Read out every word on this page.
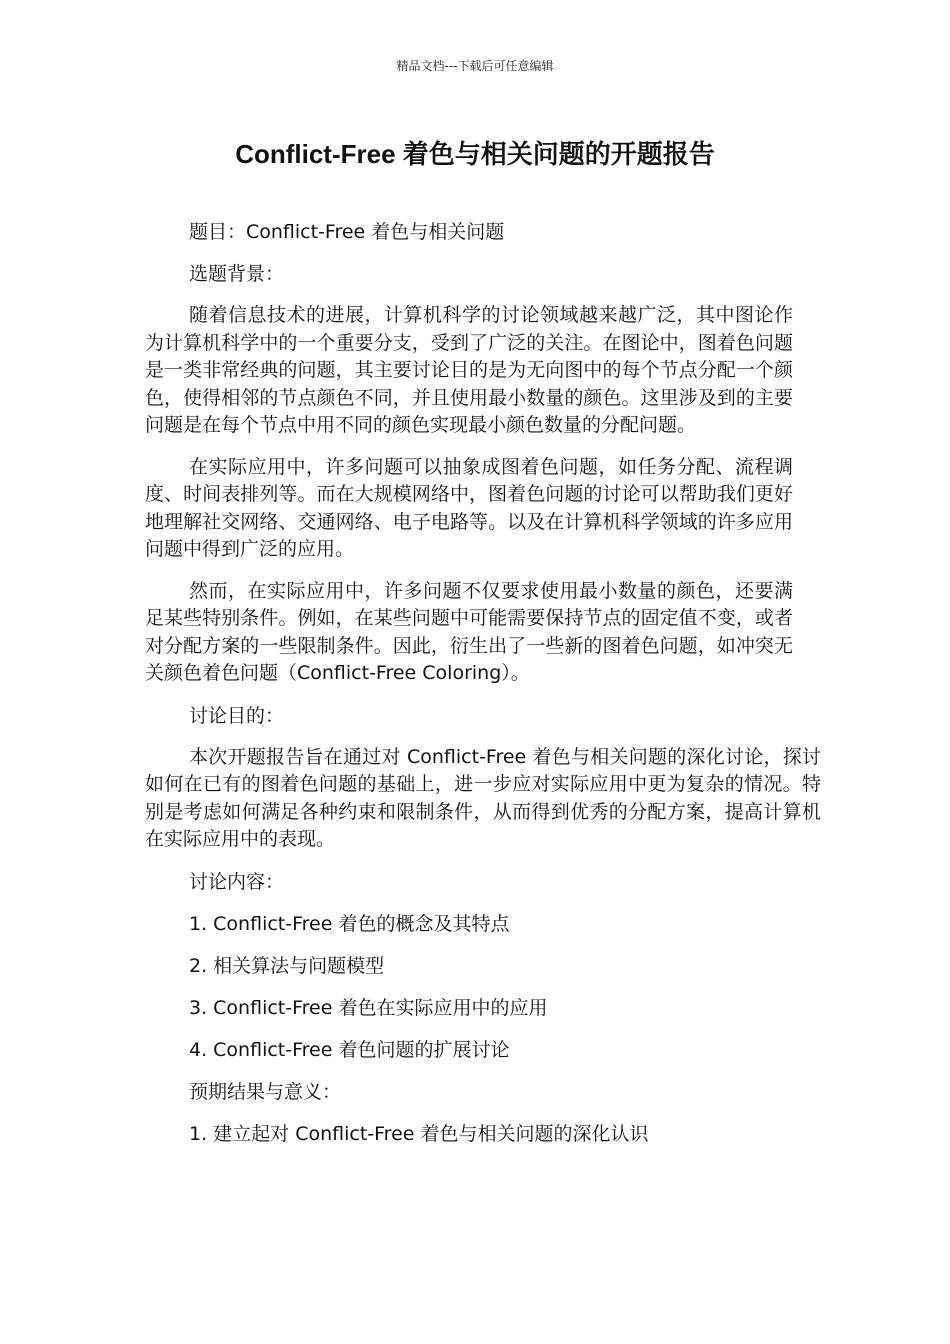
精品文档---下载后可任意编辑
Conflict-Free 着色与相关问题的开题报告

题目：Conflict-Free 着色与相关问题

选题背景：

随着信息技术的进展，计算机科学的讨论领域越来越广泛，其中图论作为计算机科学中的一个重要分支，受到了广泛的关注。在图论中，图着色问题是一类非常经典的问题，其主要讨论目的是为无向图中的每个节点分配一个颜色，使得相邻的节点颜色不同，并且使用最小数量的颜色。这里涉及到的主要问题是在每个节点中用不同的颜色实现最小颜色数量的分配问题。

在实际应用中，许多问题可以抽象成图着色问题，如任务分配、流程调度、时间表排列等。而在大规模网络中，图着色问题的讨论可以帮助我们更好地理解社交网络、交通网络、电子电路等。以及在计算机科学领域的许多应用问题中得到广泛的应用。

然而，在实际应用中，许多问题不仅要求使用最小数量的颜色，还要满足某些特别条件。例如，在某些问题中可能需要保持节点的固定值不变，或者对分配方案的一些限制条件。因此，衍生出了一些新的图着色问题，如冲突无关颜色着色问题（Conflict-Free Coloring）。

讨论目的：

本次开题报告旨在通过对 Conflict-Free 着色与相关问题的深化讨论，探讨如何在已有的图着色问题的基础上，进一步应对实际应用中更为复杂的情况。特别是考虑如何满足各种约束和限制条件，从而得到优秀的分配方案，提高计算机在实际应用中的表现。

讨论内容：

1. Conflict-Free 着色的概念及其特点

2. 相关算法与问题模型

3. Conflict-Free 着色在实际应用中的应用

4. Conflict-Free 着色问题的扩展讨论

预期结果与意义：

1. 建立起对 Conflict-Free 着色与相关问题的深化认识
